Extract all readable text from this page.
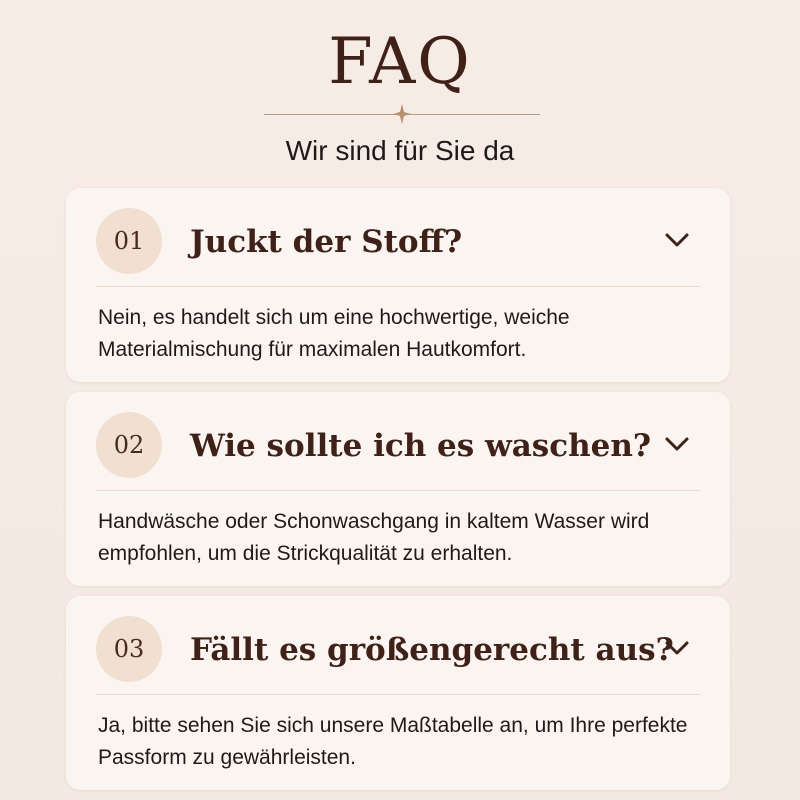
FAQ
Wir sind für Sie da
01	Juckt der Stoff?
Nein, es handelt sich um eine hochwertige, weiche Materialmischung für maximalen Hautkomfort.
02	Wie sollte ich es waschen?
Handwäsche oder Schonwaschgang in kaltem Wasser wird empfohlen, um die Strickqualität zu erhalten.
03	Fällt es größengerecht aus?
Ja, bitte sehen Sie sich unsere Maßtabelle an, um Ihre perfekte Passform zu gewährleisten.
